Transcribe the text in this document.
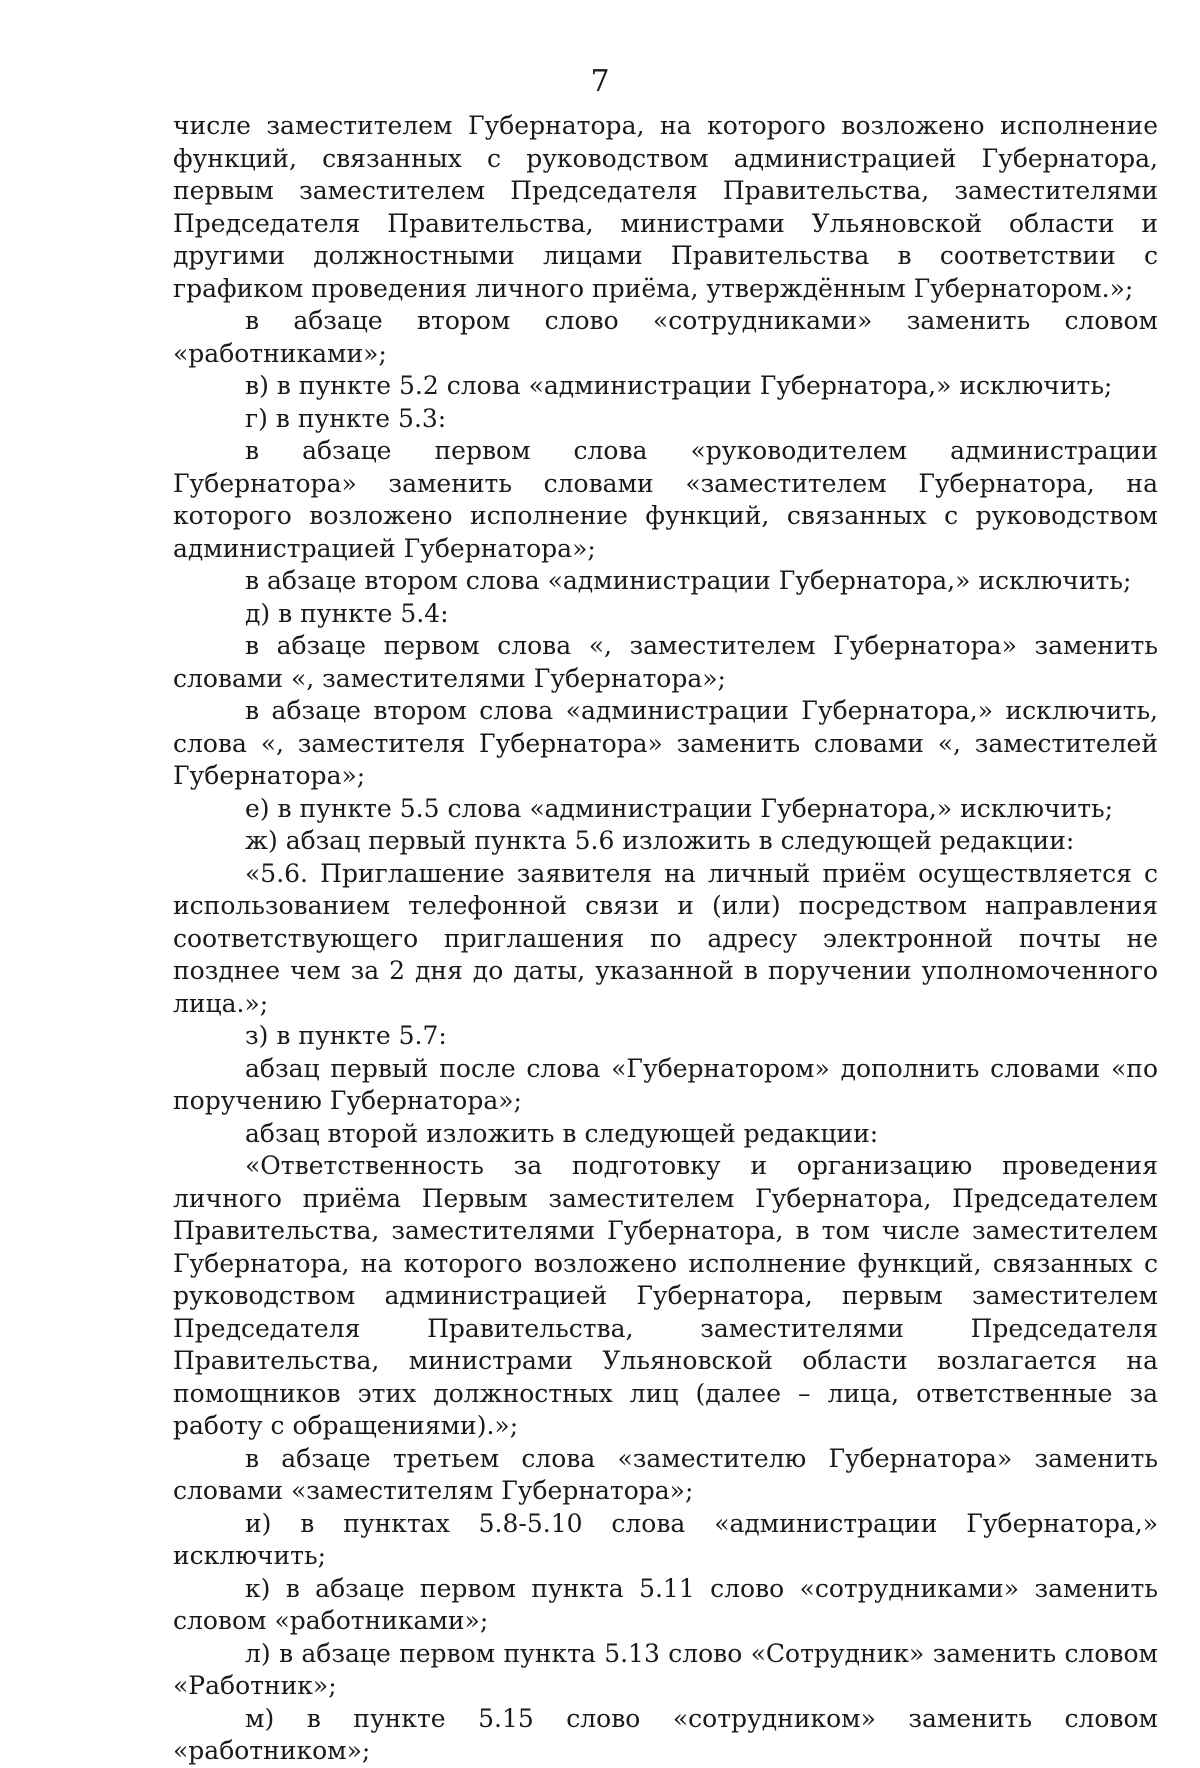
7

числе заместителем Губернатора, на которого возложено исполнение функций, связанных с руководством администрацией Губернатора, первым заместителем Председателя Правительства, заместителями Председателя Правительства, министрами Ульяновской области и другими должностными лицами Правительства в соответствии с графиком проведения личного приёма, утверждённым Губернатором.»;

в абзаце втором слово «сотрудниками» заменить словом «работниками»;

в) в пункте 5.2 слова «администрации Губернатора,» исключить;

г) в пункте 5.3:

в абзаце первом слова «руководителем администрации Губернатора» заменить словами «заместителем Губернатора, на которого возложено исполнение функций, связанных с руководством администрацией Губернатора»;

в абзаце втором слова «администрации Губернатора,» исключить;

д) в пункте 5.4:

в абзаце первом слова «, заместителем Губернатора» заменить словами «, заместителями Губернатора»;

в абзаце втором слова «администрации Губернатора,» исключить, слова «, заместителя Губернатора» заменить словами «, заместителей Губернатора»;

е) в пункте 5.5 слова «администрации Губернатора,» исключить;

ж) абзац первый пункта 5.6 изложить в следующей редакции:

«5.6. Приглашение заявителя на личный приём осуществляется с использованием телефонной связи и (или) посредством направления соответствующего приглашения по адресу электронной почты не позднее чем за 2 дня до даты, указанной в поручении уполномоченного лица.»;

з) в пункте 5.7:

абзац первый после слова «Губернатором» дополнить словами «по поручению Губернатора»;

абзац второй изложить в следующей редакции:

«Ответственность за подготовку и организацию проведения личного приёма Первым заместителем Губернатора, Председателем Правительства, заместителями Губернатора, в том числе заместителем Губернатора, на которого возложено исполнение функций, связанных с руководством администрацией Губернатора, первым заместителем Председателя Правительства, заместителями Председателя Правительства, министрами Ульяновской области возлагается на помощников этих должностных лиц (далее – лица, ответственные за работу с обращениями).»;

в абзаце третьем слова «заместителю Губернатора» заменить словами «заместителям Губернатора»;

и) в пунктах 5.8-5.10 слова «администрации Губернатора,» исключить;

к) в абзаце первом пункта 5.11 слово «сотрудниками» заменить словом «работниками»;

л) в абзаце первом пункта 5.13 слово «Сотрудник» заменить словом «Работник»;

м) в пункте 5.15 слово «сотрудником» заменить словом «работником»;
